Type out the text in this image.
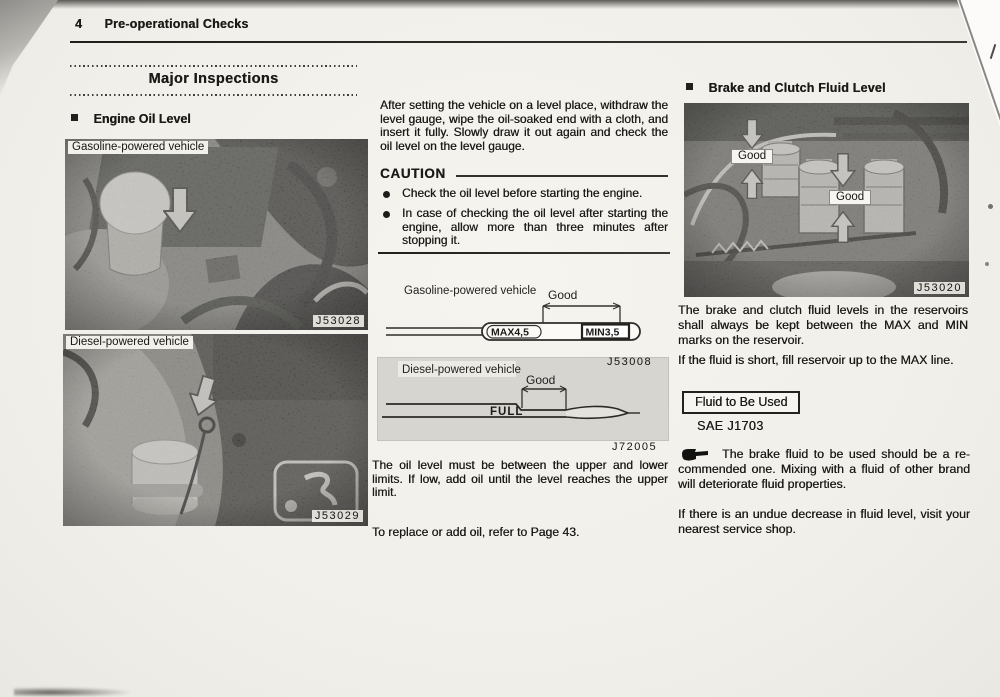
4 Pre-operational Checks
Major Inspections
Engine Oil Level
Gasoline-powered vehicle
J53028
Diesel-powered vehicle
J53029
After setting the vehicle on a level place, withdraw the level gauge, wipe the oil-soaked end with a cloth, and insert it fully. Slowly draw it out again and check the oil level on the level gauge.
CAUTION
Check the oil level before starting the engine.
In case of checking the oil level after starting the engine, allow more than three minutes after stopping it.
Gasoline-powered vehicle Good
MAX4,5	MIN3,5
J53008
Diesel-powered vehicle
Good
FULL
J72005
The oil level must be between the upper and lower limits. If low, add oil until the level reaches the upper limit.
To replace or add oil, refer to Page 43.
Brake and Clutch Fluid Level
Good
Good
J53020
The brake and clutch fluid levels in the reservoirs shall always be kept between the MAX and MIN marks on the reservoir.
If the fluid is short, fill reservoir up to the MAX line.
Fluid to Be Used
SAE J1703
The brake fluid to be used should be a re-commended one. Mixing with a fluid of other brand will deteriorate fluid properties.
If there is an undue decrease in fluid level, visit your nearest service shop.
